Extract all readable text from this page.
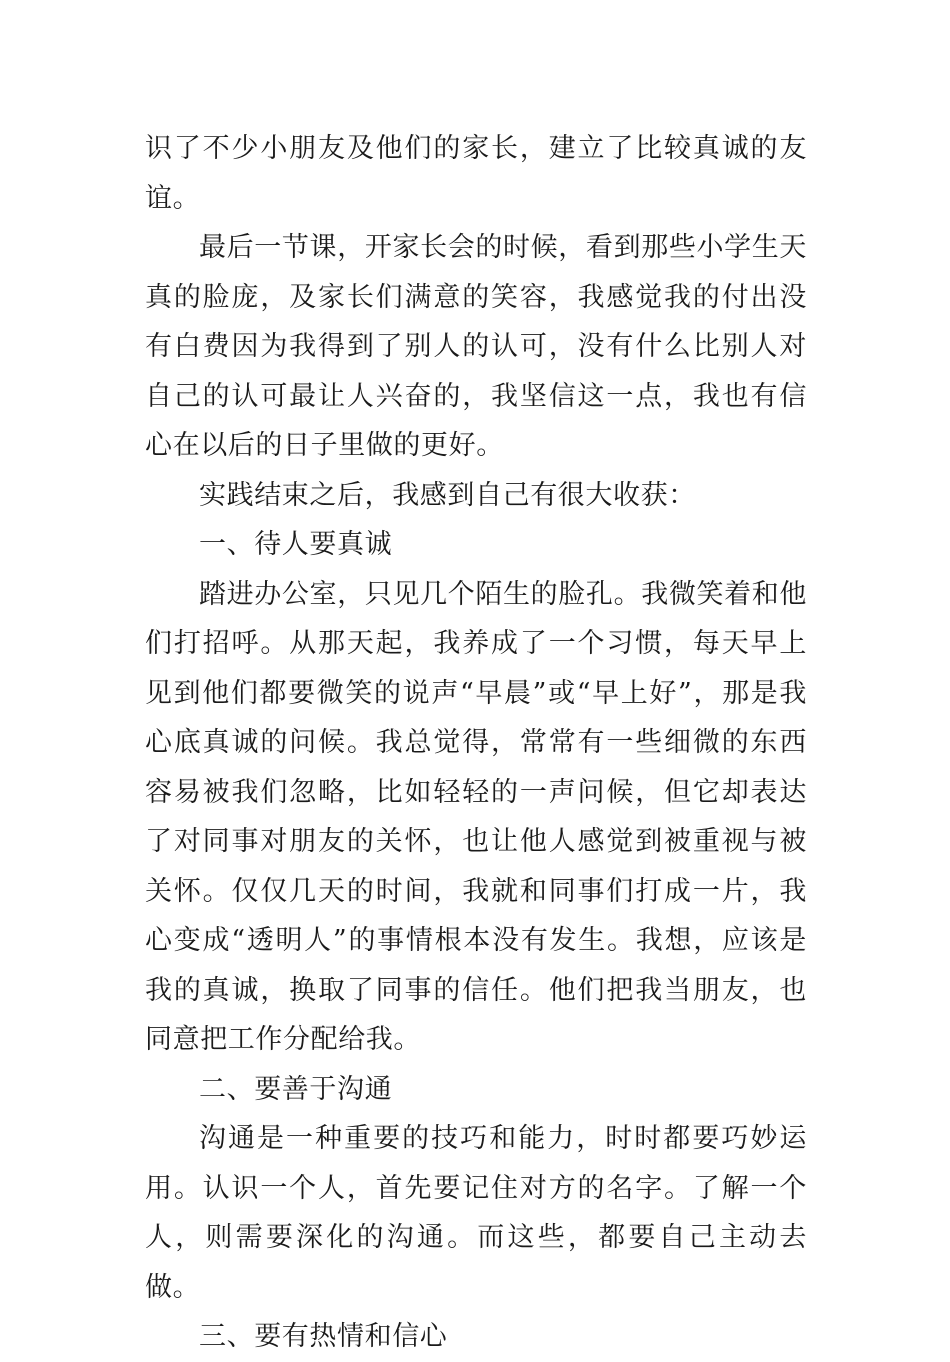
识了不少小朋友及他们的家长，建立了比较真诚的友谊。

最后一节课，开家长会的时候，看到那些小学生天真的脸庞，及家长们满意的笑容，我感觉我的付出没有白费因为我得到了别人的认可，没有什么比别人对自己的认可最让人兴奋的，我坚信这一点，我也有信心在以后的日子里做的更好。

实践结束之后，我感到自己有很大收获：

一、待人要真诚

踏进办公室，只见几个陌生的脸孔。我微笑着和他们打招呼。从那天起，我养成了一个习惯，每天早上见到他们都要微笑的说声“早晨”或“早上好”，那是我心底真诚的问候。我总觉得，常常有一些细微的东西容易被我们忽略，比如轻轻的一声问候，但它却表达了对同事对朋友的关怀，也让他人感觉到被重视与被关怀。仅仅几天的时间，我就和同事们打成一片，我心变成“透明人”的事情根本没有发生。我想，应该是我的真诚，换取了同事的信任。他们把我当朋友，也同意把工作分配给我。

二、要善于沟通

沟通是一种重要的技巧和能力，时时都要巧妙运用。认识一个人，首先要记住对方的名字。了解一个人，则需要深化的沟通。而这些，都要自己主动去做。

三、要有热情和信心
